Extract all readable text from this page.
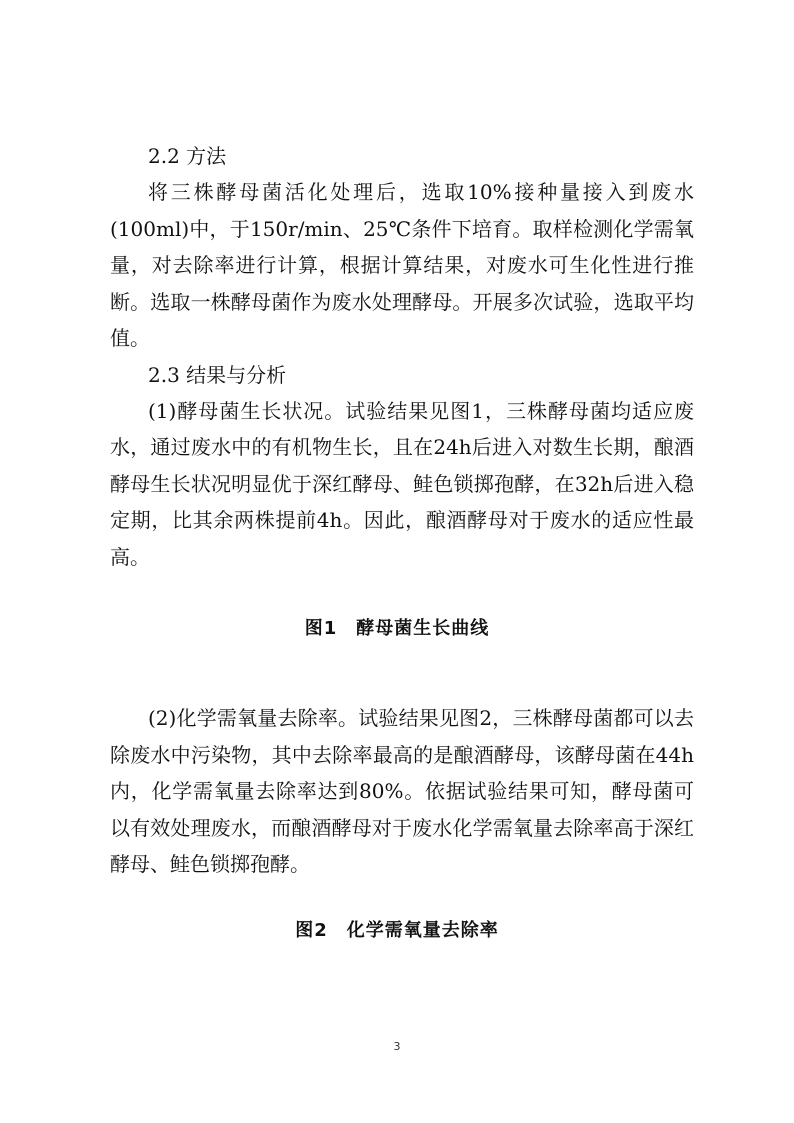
2.2 方法

将三株酵母菌活化处理后，选取10%接种量接入到废水(100ml)中，于150r/min、25℃条件下培育。取样检测化学需氧量，对去除率进行计算，根据计算结果，对废水可生化性进行推断。选取一株酵母菌作为废水处理酵母。开展多次试验，选取平均值。

2.3 结果与分析

(1)酵母菌生长状况。试验结果见图1，三株酵母菌均适应废水，通过废水中的有机物生长，且在24h后进入对数生长期，酿酒酵母生长状况明显优于深红酵母、鲑色锁掷孢酵，在32h后进入稳定期，比其余两株提前4h。因此，酿酒酵母对于废水的适应性最高。

(2)化学需氧量去除率。试验结果见图2，三株酵母菌都可以去除废水中污染物，其中去除率最高的是酿酒酵母，该酵母菌在44h内，化学需氧量去除率达到80%。依据试验结果可知，酵母菌可以有效处理废水，而酿酒酵母对于废水化学需氧量去除率高于深红酵母、鲑色锁掷孢酵。

图1　酵母菌生长曲线

图2　化学需氧量去除率

3
